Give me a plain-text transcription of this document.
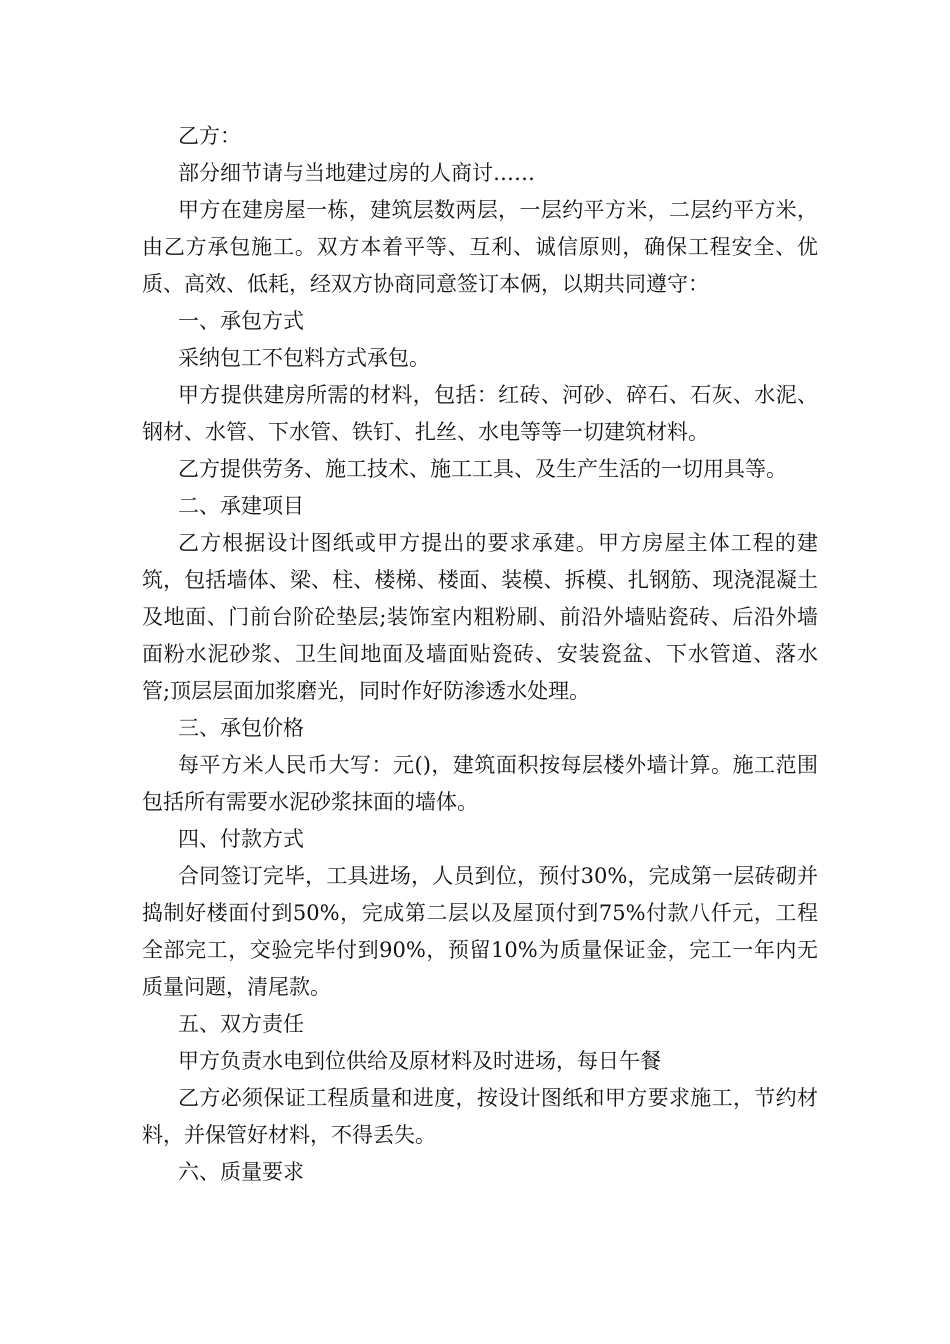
乙方：

部分细节请与当地建过房的人商讨……

甲方在建房屋一栋，建筑层数两层，一层约平方米，二层约平方米，由乙方承包施工。双方本着平等、互利、诚信原则，确保工程安全、优质、高效、低耗，经双方协商同意签订本俩，以期共同遵守：

一、承包方式

采纳包工不包料方式承包。

甲方提供建房所需的材料，包括：红砖、河砂、碎石、石灰、水泥、钢材、水管、下水管、铁钉、扎丝、水电等等一切建筑材料。

乙方提供劳务、施工技术、施工工具、及生产生活的一切用具等。

二、承建项目

乙方根据设计图纸或甲方提出的要求承建。甲方房屋主体工程的建筑，包括墙体、梁、柱、楼梯、楼面、装模、拆模、扎钢筋、现浇混凝土及地面、门前台阶砼垫层;装饰室内粗粉刷、前沿外墙贴瓷砖、后沿外墙面粉水泥砂浆、卫生间地面及墙面贴瓷砖、安装瓷盆、下水管道、落水管;顶层层面加浆磨光，同时作好防渗透水处理。

三、承包价格

每平方米人民币大写：元()，建筑面积按每层楼外墙计算。施工范围包括所有需要水泥砂浆抹面的墙体。

四、付款方式

合同签订完毕，工具进场，人员到位，预付30%，完成第一层砖砌并捣制好楼面付到50%，完成第二层以及屋顶付到75%付款八仟元，工程全部完工，交验完毕付到90%，预留10%为质量保证金，完工一年内无质量问题，清尾款。

五、双方责任

甲方负责水电到位供给及原材料及时进场，每日午餐

乙方必须保证工程质量和进度，按设计图纸和甲方要求施工，节约材料，并保管好材料，不得丢失。

六、质量要求
